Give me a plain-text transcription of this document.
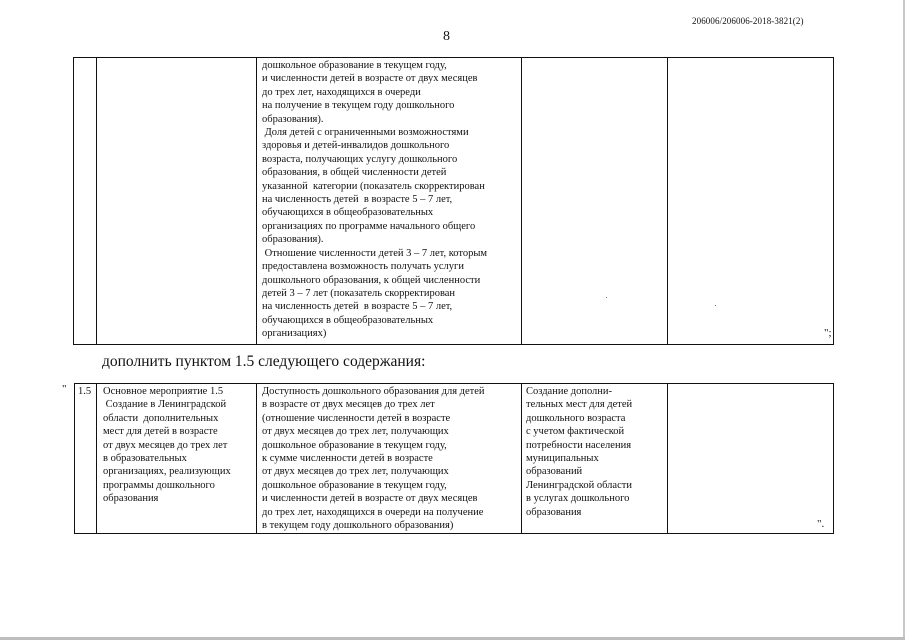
206006/206006-2018-3821(2)
8
дошкольное образование в текущем году,
и численности детей в возрасте от двух месяцев
до трех лет, находящихся в очереди
на получение в текущем году дошкольного
образования).
Доля детей с ограниченными возможностями
здоровья и детей-инвалидов дошкольного
возраста, получающих услугу дошкольного
образования, в общей численности детей
указанной  категории (показатель скорректирован
на численность детей  в возрасте 5 – 7 лет,
обучающихся в общеобразовательных
организациях по программе начального общего
образования).
Отношение численности детей 3 – 7 лет, которым
предоставлена возможность получать услуги
дошкольного образования, к общей численности
детей 3 – 7 лет (показатель скорректирован
на численность детей  в возрасте 5 – 7 лет,
обучающихся в общеобразовательных
организациях)	";
дополнить пунктом 1.5 следующего содержания:
" 1.5 Основное мероприятие 1.5
Создание в Ленинградской
области  дополнительных
мест для детей в возрасте
от двух месяцев до трех лет
в образовательных
организациях, реализующих
программы дошкольного
образования
Доступность дошкольного образования для детей
в возрасте от двух месяцев до трех лет
(отношение численности детей в возрасте
от двух месяцев до трех лет, получающих
дошкольное образование в текущем году,
к сумме численности детей в возрасте
от двух месяцев до трех лет, получающих
дошкольное образование в текущем году,
и численности детей в возрасте от двух месяцев
до трех лет, находящихся в очереди на получение
в текущем году дошкольного образования)
Создание дополни-
тельных мест для детей
дошкольного возраста
с учетом фактической
потребности населения
муниципальных
образований
Ленинградской области
в услугах дошкольного
образования
".
